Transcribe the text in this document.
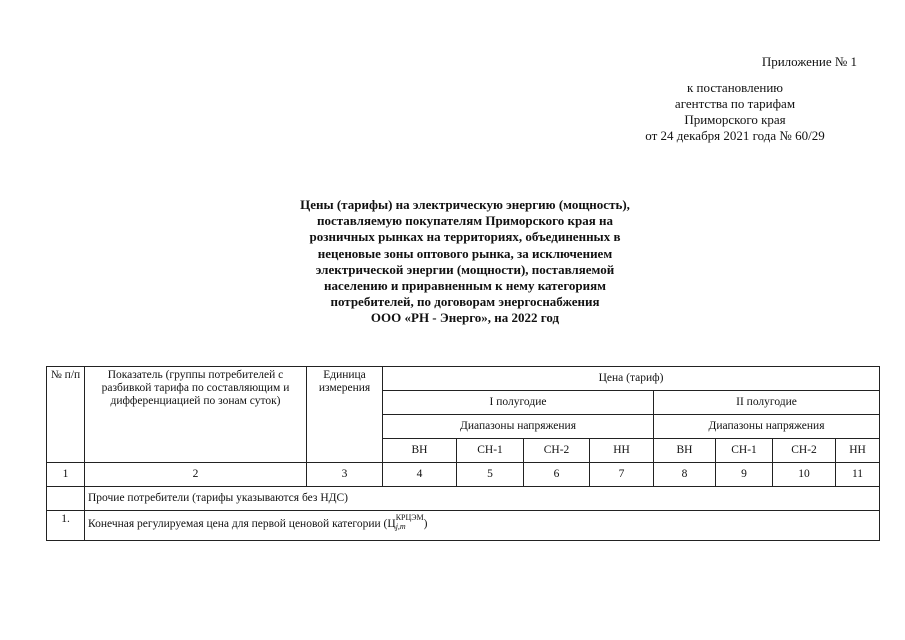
Приложение № 1
к постановлению
агентства по тарифам
Приморского края
от 24 декабря 2021 года № 60/29
Цены (тарифы) на электрическую энергию (мощность),
поставляемую покупателям Приморского края на
розничных рынках на территориях, объединенных в
неценовые зоны оптового рынка, за исключением
электрической энергии (мощности), поставляемой
населению и приравненным к нему категориям
потребителей, по договорам энергоснабжения
ООО «РН - Энерго», на 2022 год
№ п/п	Показатель (группы потребителей с разбивкой тарифа по составляющим и дифференциацией по зонам суток)	Единица измерения	Цена (тариф)							
			I полугодие				II полугодие			
			Диапазоны напряжения				Диапазоны напряжения			
			ВН	СН-1	СН-2	НН	ВН	СН-1	СН-2	НН
1	2	3	4	5	6	7	8	9	10	11
	Прочие потребители (тарифы указываются без НДС)									
1.	Конечная регулируемая цена для первой ценовой категории (Ц
КРЦЭМ
j,m )									
